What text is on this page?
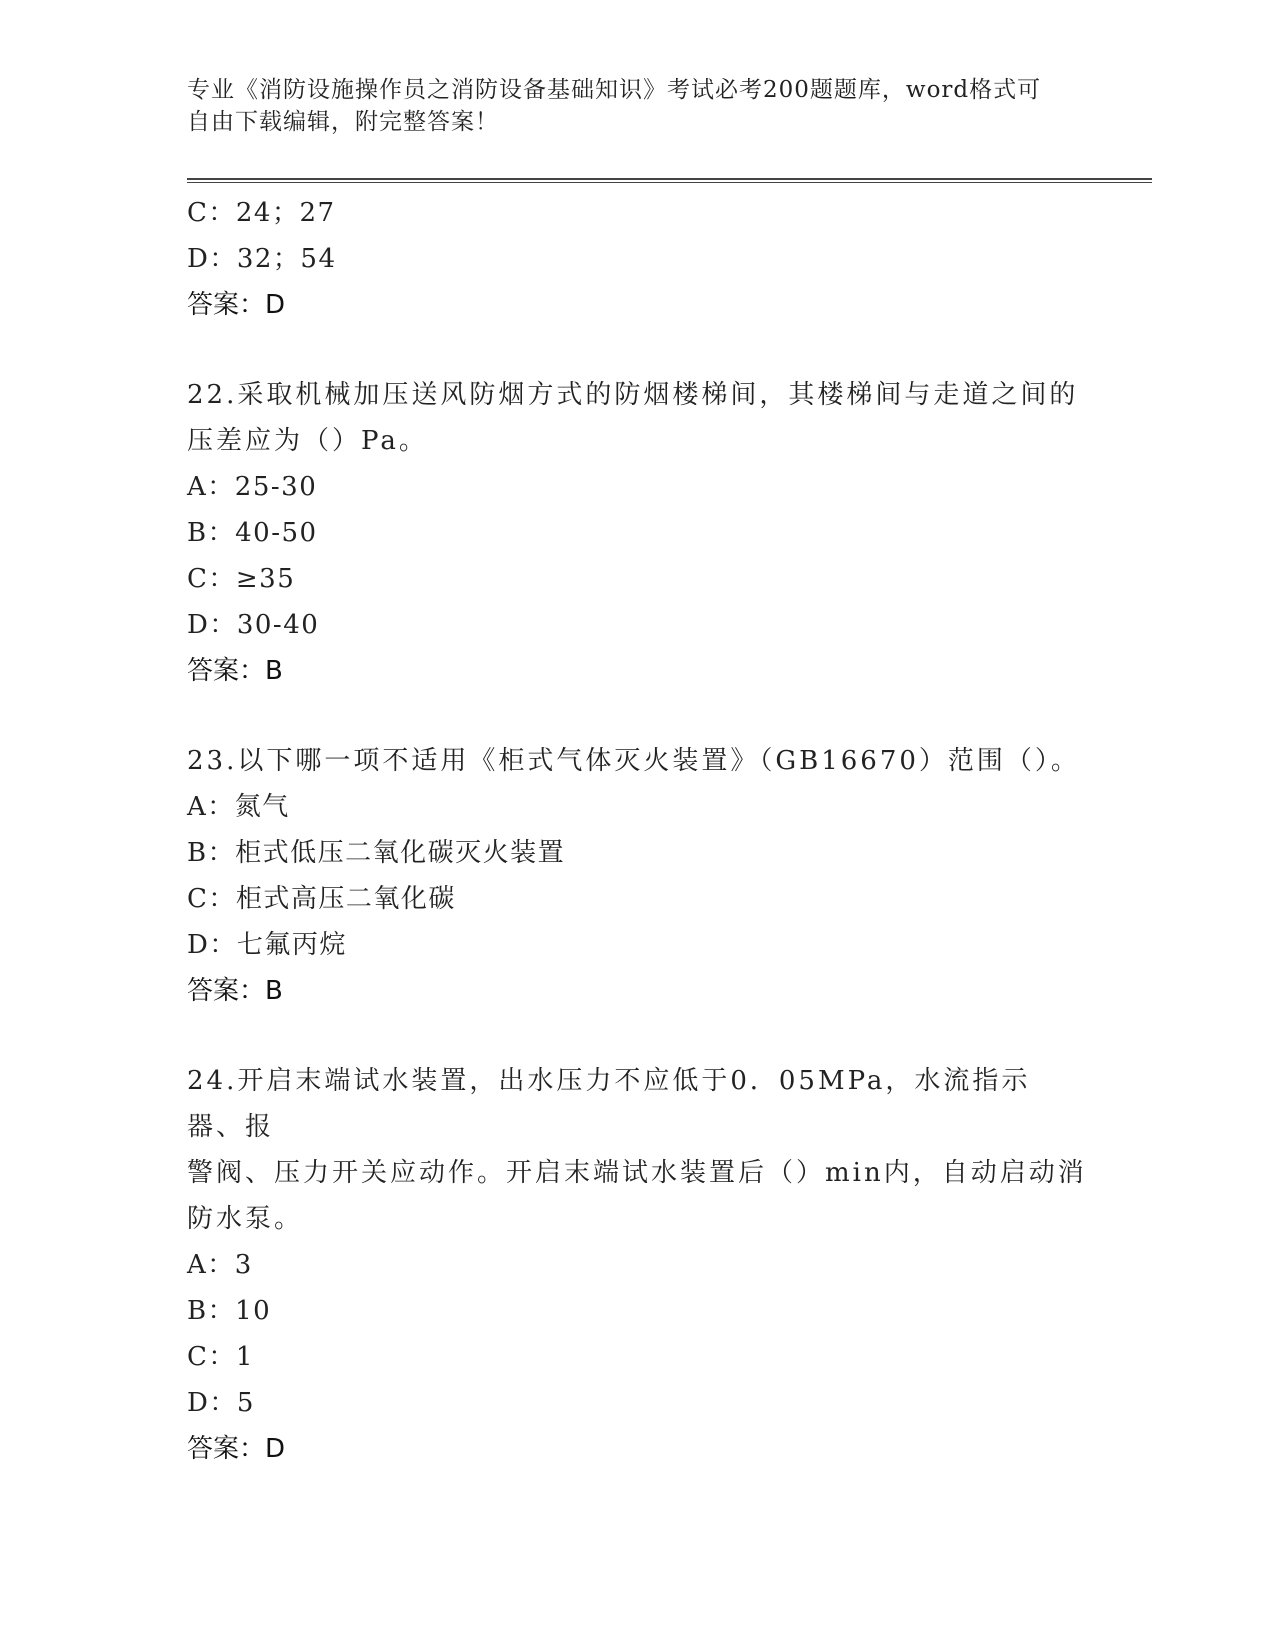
专业《消防设施操作员之消防设备基础知识》考试必考200题题库，word格式可
自由下载编辑，附完整答案！
C：24；27
D：32；54
答案：D
22.采取机械加压送风防烟方式的防烟楼梯间，其楼梯间与走道之间的
压差应为（）Pa。
A：25-30
B：40-50
C：≥35
D：30-40
答案：B
23.以下哪一项不适用《柜式气体灭火装置》（GB16670）范围（）。
A：氮气
B：柜式低压二氧化碳灭火装置
C：柜式高压二氧化碳
D：七氟丙烷
答案：B
24.开启末端试水装置，出水压力不应低于0．05MPa，水流指示器、报
警阀、压力开关应动作。开启末端试水装置后（）min内，自动启动消
防水泵。
A：3
B：10
C：1
D：5
答案：D
